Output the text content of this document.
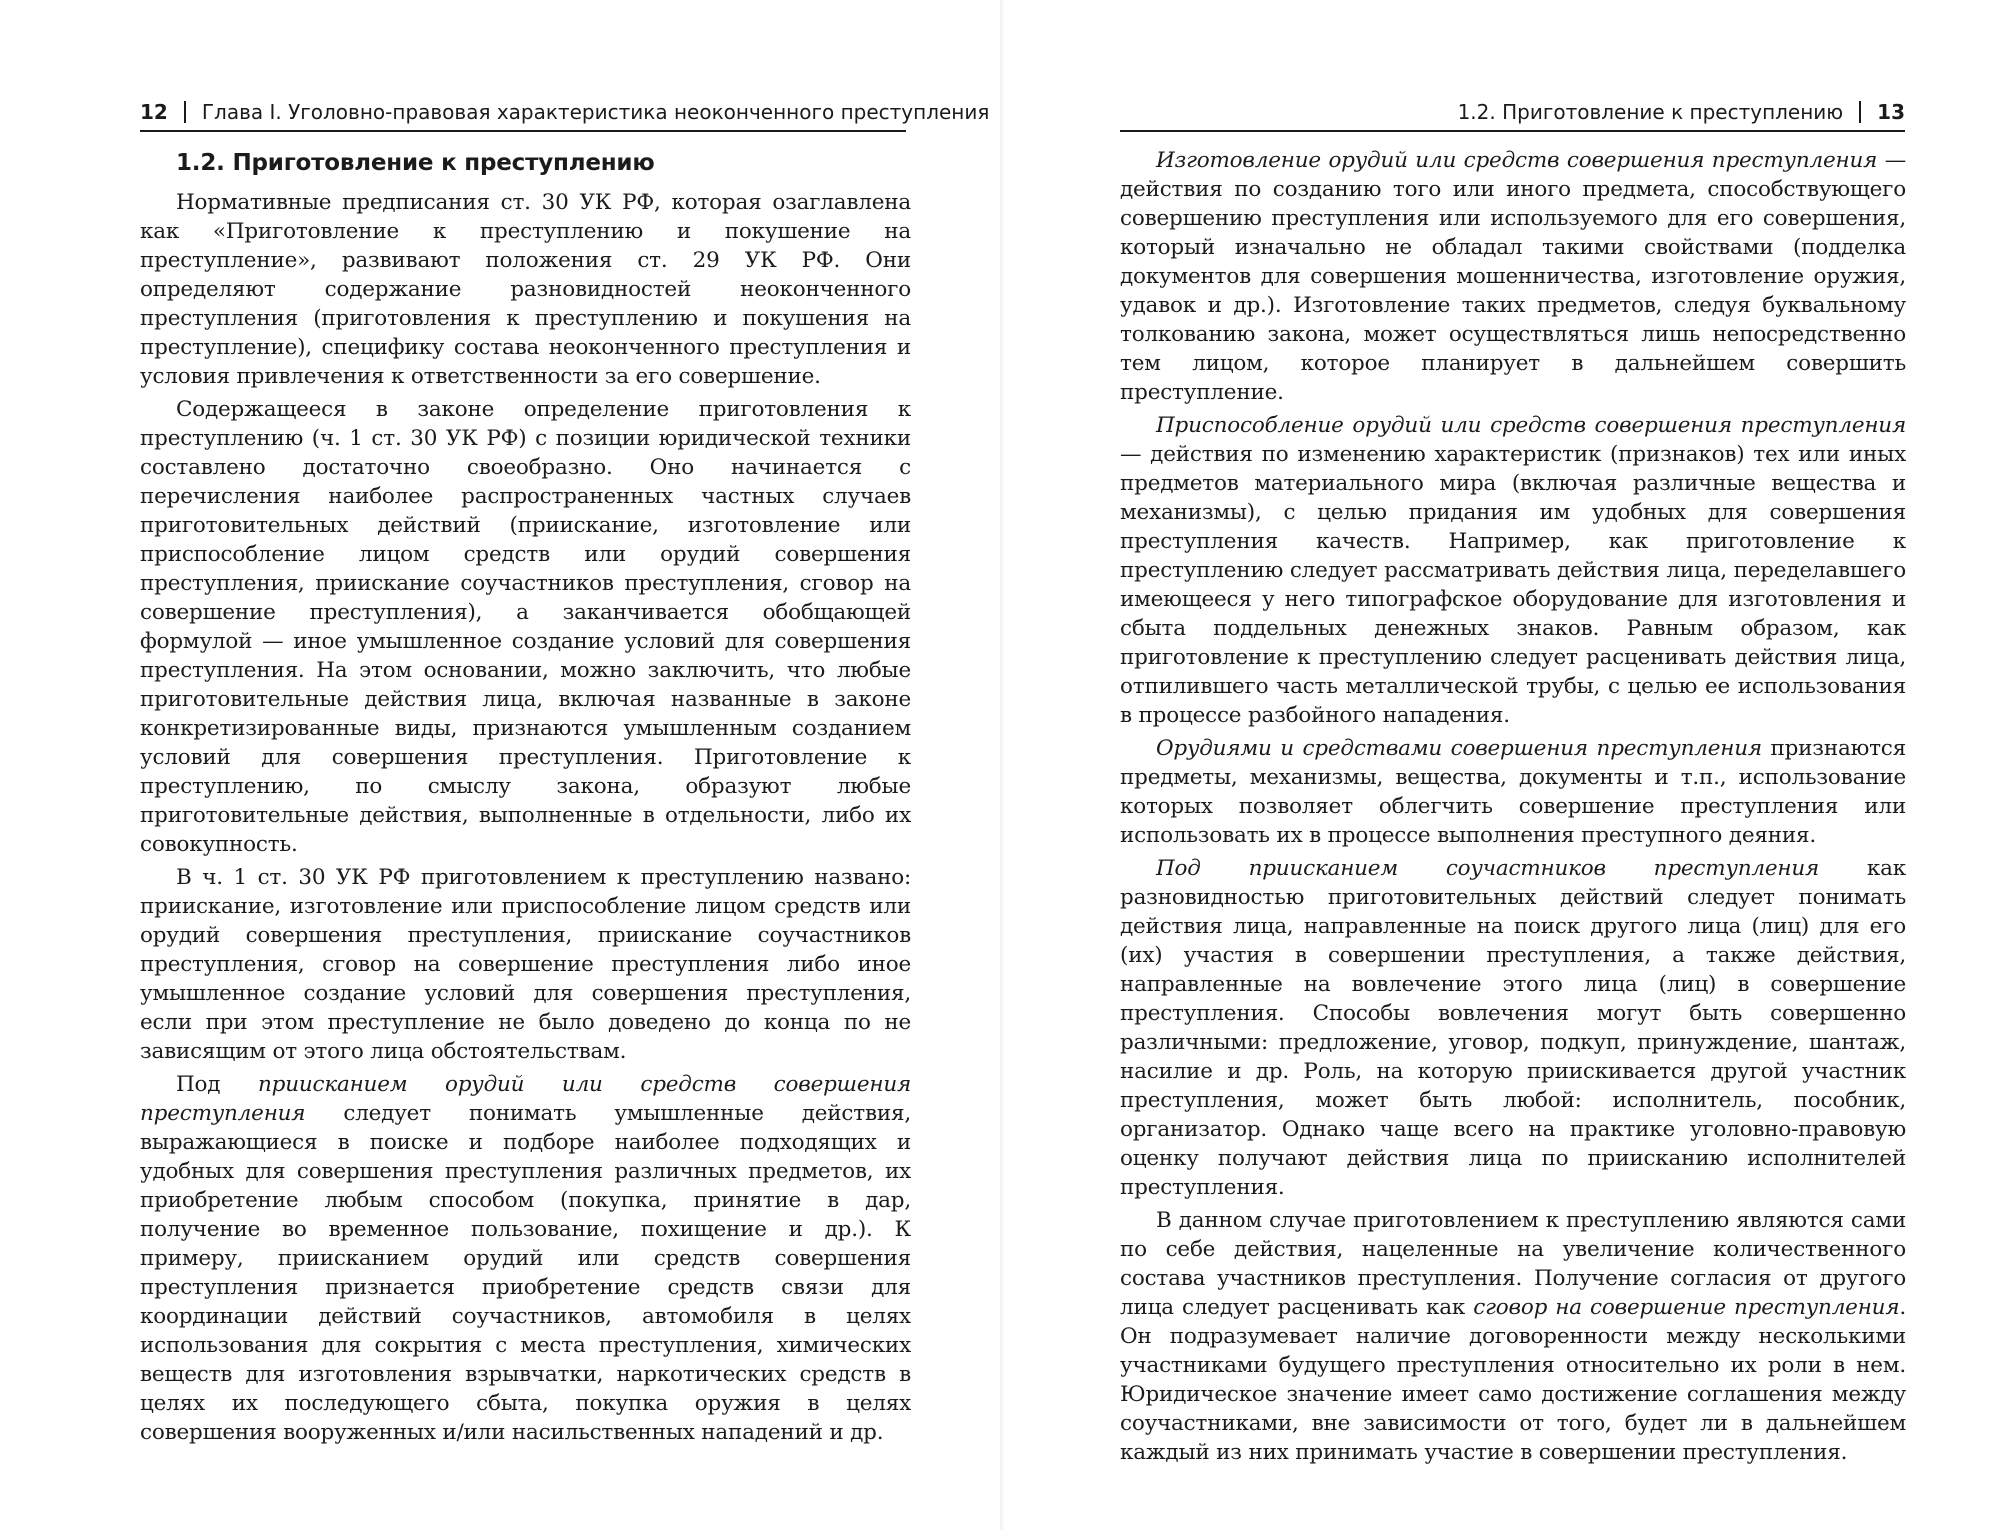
12 Глава I. Уголовно-правовая характеристика неоконченного преступления
1.2. Приготовление к преступлению

Нормативные предписания ст. 30 УК РФ, которая озаглавлена как «Приготовление к преступлению и покушение на преступление», развивают положения ст. 29 УК РФ. Они определяют содержание разновидностей неоконченного преступления (приготовления к преступлению и покушения на преступление), специфику состава неоконченного преступления и условия привлечения к ответственности за его совершение.

Содержащееся в законе определение приготовления к преступлению (ч. 1 ст. 30 УК РФ) с позиции юридической техники составлено достаточно своеобразно. Оно начинается с перечисления наиболее распространенных частных случаев приготовительных действий (приискание, изготовление или приспособление лицом средств или орудий совершения преступления, приискание соучастников преступления, сговор на совершение преступления), а заканчивается обобщающей формулой — иное умышленное создание условий для совершения преступления. На этом основании, можно заключить, что любые приготовительные действия лица, включая названные в законе конкретизированные виды, признаются умышленным созданием условий для совершения преступления. Приготовление к преступлению, по смыслу закона, образуют любые приготовительные действия, выполненные в отдельности, либо их совокупность.

В ч. 1 ст. 30 УК РФ приготовлением к преступлению названо: приискание, изготовление или приспособление лицом средств или орудий совершения преступления, приискание соучастников преступления, сговор на совершение преступления либо иное умышленное создание условий для совершения преступления, если при этом преступление не было доведено до конца по не зависящим от этого лица обстоятельствам.

Под приисканием орудий или средств совершения преступления следует понимать умышленные действия, выражающиеся в поиске и подборе наиболее подходящих и удобных для совершения преступления различных предметов, их приобретение любым способом (покупка, принятие в дар, получение во временное пользование, похищение и др.). К примеру, приисканием орудий или средств совершения преступления признается приобретение средств связи для координации действий соучастников, автомобиля в целях использования для сокрытия с места преступления, химических веществ для изготовления взрывчатки, наркотических средств в целях их последующего сбыта, покупка оружия в целях совершения вооруженных и/или насильственных нападений и др.

1.2. Приготовление к преступлению 13

Изготовление орудий или средств совершения преступления — действия по созданию того или иного предмета, способствующего совершению преступления или используемого для его совершения, который изначально не обладал такими свойствами (подделка документов для совершения мошенничества, изготовление оружия, удавок и др.). Изготовление таких предметов, следуя буквальному толкованию закона, может осуществляться лишь непосредственно тем лицом, которое планирует в дальнейшем совершить преступление.

Приспособление орудий или средств совершения преступления — действия по изменению характеристик (признаков) тех или иных предметов материального мира (включая различные вещества и механизмы), с целью придания им удобных для совершения преступления качеств. Например, как приготовление к преступлению следует рассматривать действия лица, переделавшего имеющееся у него типографское оборудование для изготовления и сбыта поддельных денежных знаков. Равным образом, как приготовление к преступлению следует расценивать действия лица, отпилившего часть металлической трубы, с целью ее использования в процессе разбойного нападения.

Орудиями и средствами совершения преступления признаются предметы, механизмы, вещества, документы и т.п., использование которых позволяет облегчить совершение преступления или использовать их в процессе выполнения преступного деяния.

Под приисканием соучастников преступления как разновидностью приготовительных действий следует понимать действия лица, направленные на поиск другого лица (лиц) для его (их) участия в совершении преступления, а также действия, направленные на вовлечение этого лица (лиц) в совершение преступления. Способы вовлечения могут быть совершенно различными: предложение, уговор, подкуп, принуждение, шантаж, насилие и др. Роль, на которую приискивается другой участник преступления, может быть любой: исполнитель, пособник, организатор. Однако чаще всего на практике уголовно-правовую оценку получают действия лица по приисканию исполнителей преступления.

В данном случае приготовлением к преступлению являются сами по себе действия, нацеленные на увеличение количественного состава участников преступления. Получение согласия от другого лица следует расценивать как сговор на совершение преступления. Он подразумевает наличие договоренности между несколькими участниками будущего преступления относительно их роли в нем. Юридическое значение имеет само достижение соглашения между соучастниками, вне зависимости от того, будет ли в дальнейшем каждый из них принимать участие в совершении преступления.
